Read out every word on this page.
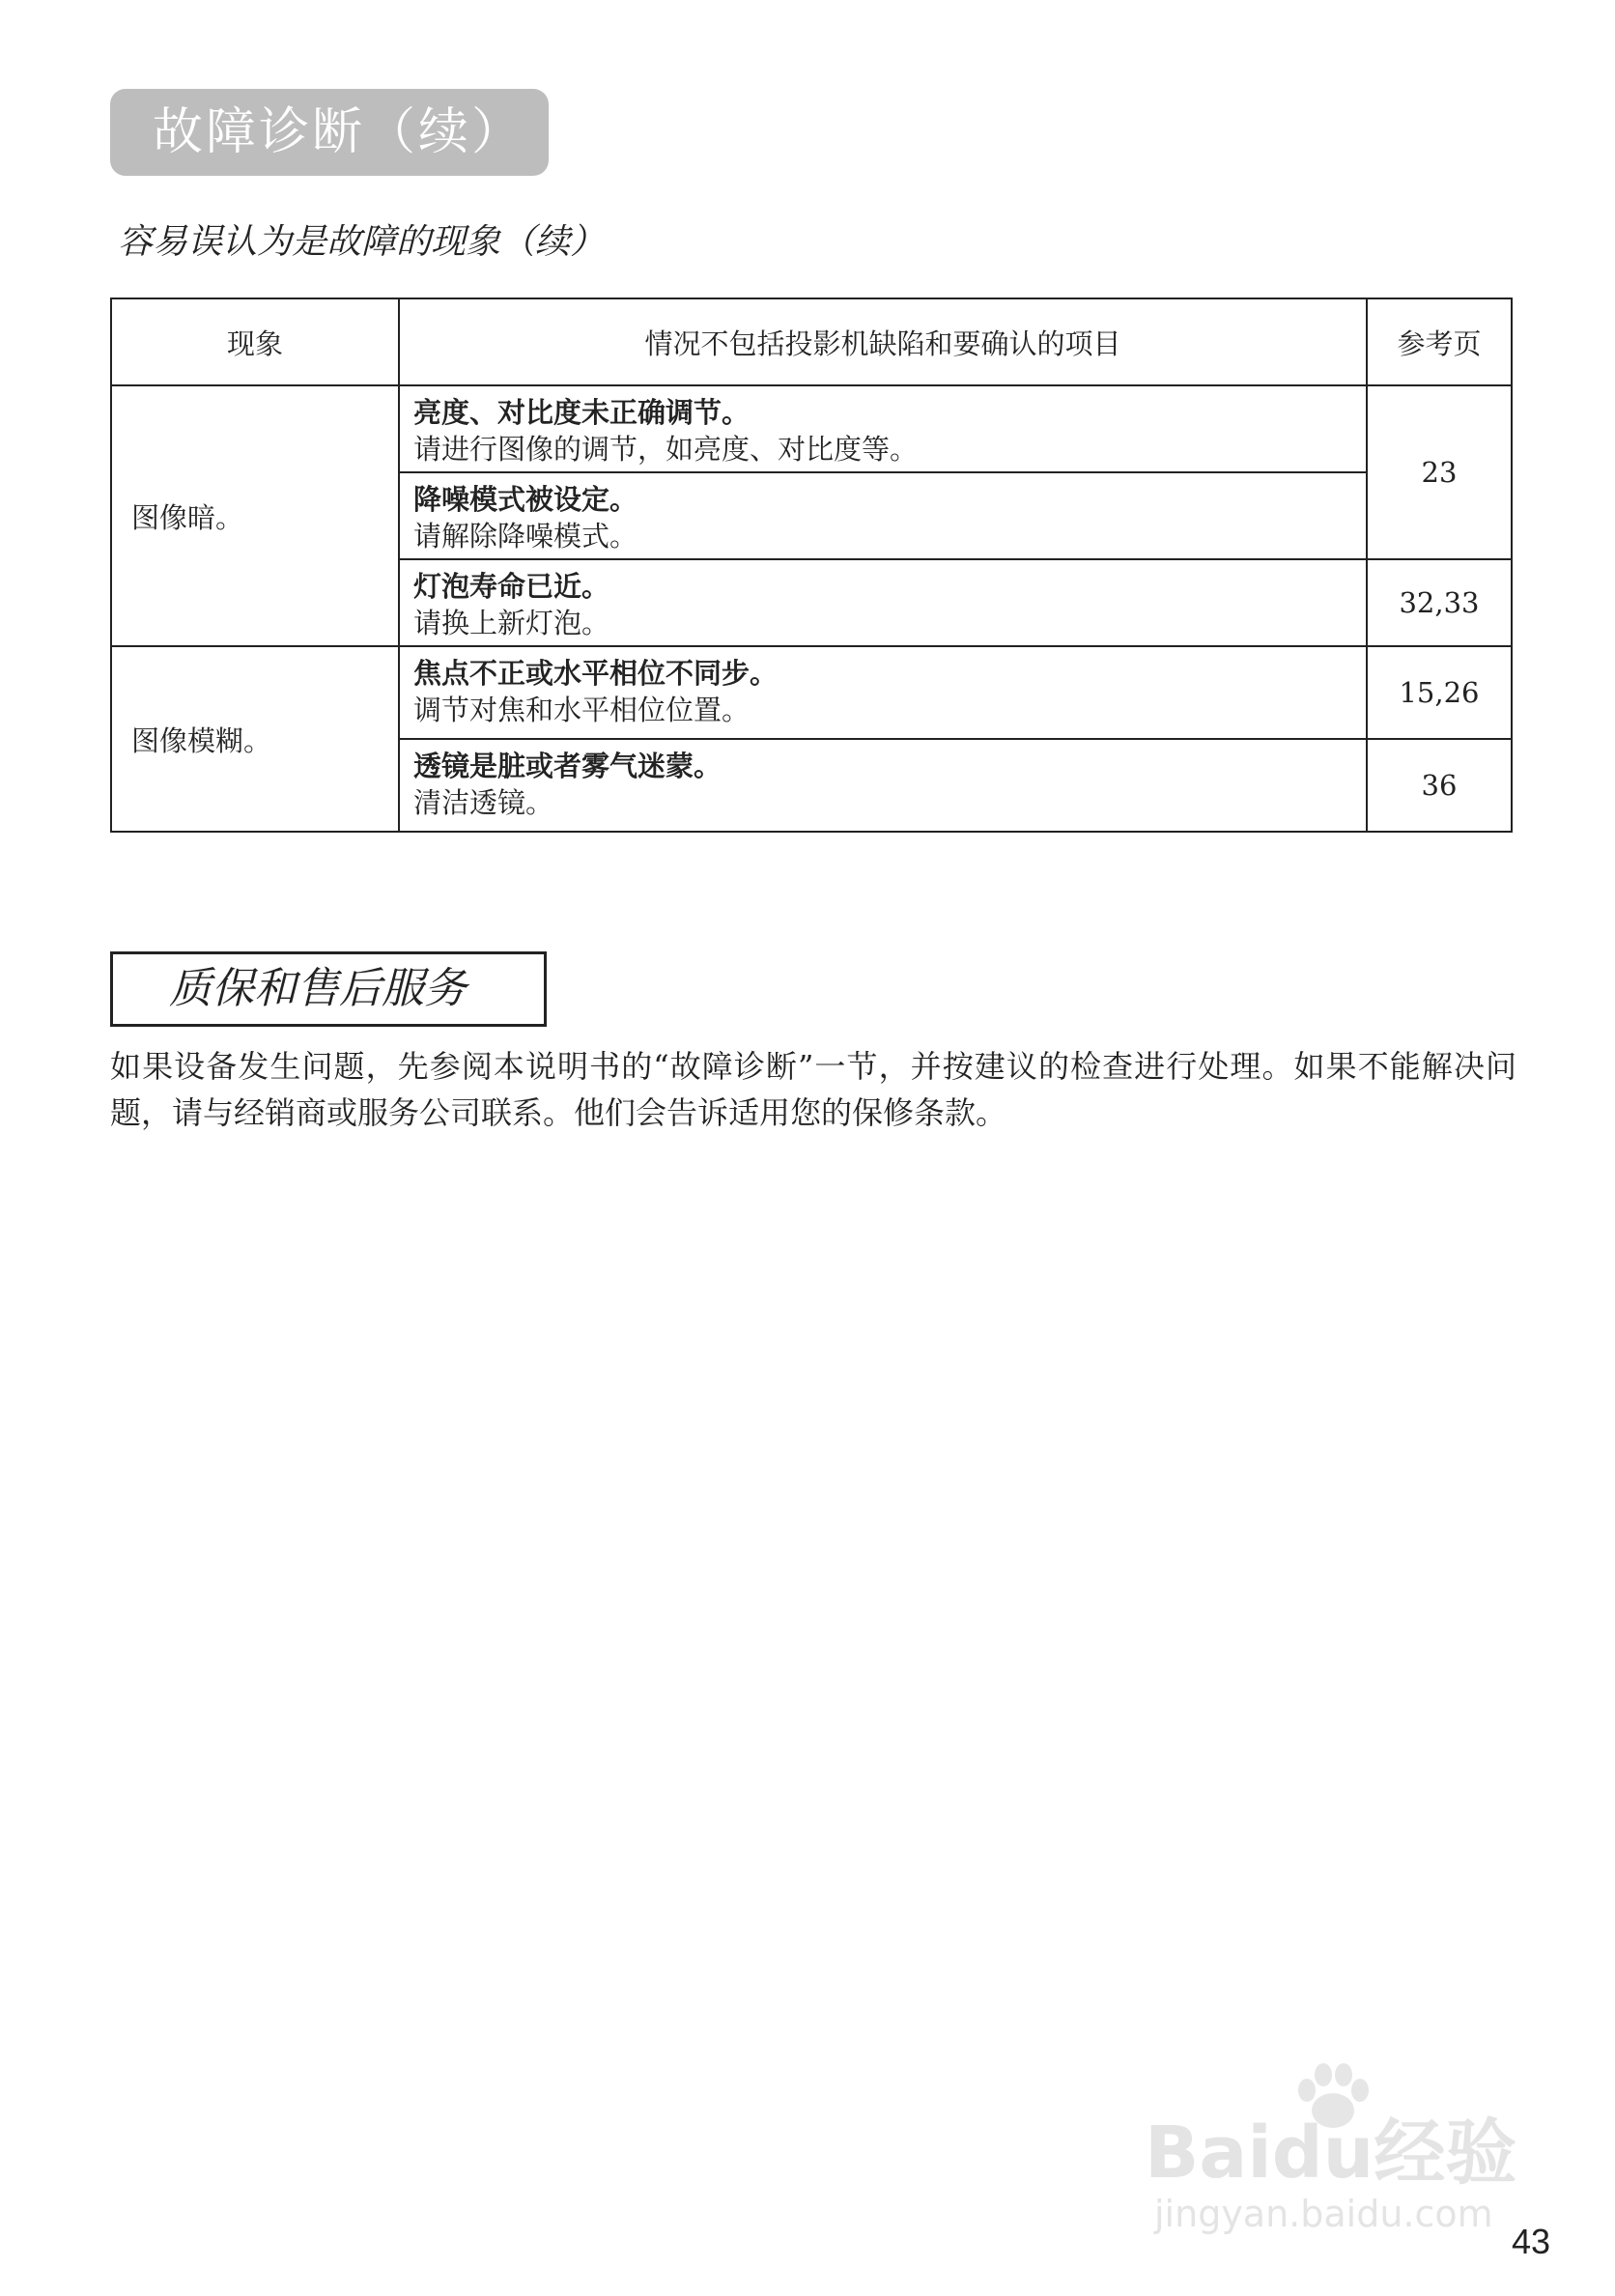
故障诊断（续）
容易误认为是故障的现象（续）
现象	情况不包括投影机缺陷和要确认的项目	参考页
图像暗。	亮度、对比度未正确调节。
请进行图像的调节，如亮度、对比度等。	23

	降噪模式被设定。
请解除降噪模式。	

	灯泡寿命已近。
请换上新灯泡。	32,33
图像模糊。	焦点不正或水平相位不同步。
调节对焦和水平相位位置。	15,26

	透镜是脏或者雾气迷蒙。
清洁透镜。	36
质保和售后服务
如果设备发生问题，先参阅本说明书的“故障诊断”一节，并按建议的检查进行处理。如果不能解决问题，请与经销商或服务公司联系。他们会告诉适用您的保修条款。
Baidu经验
jingyan.baidu.com
43
